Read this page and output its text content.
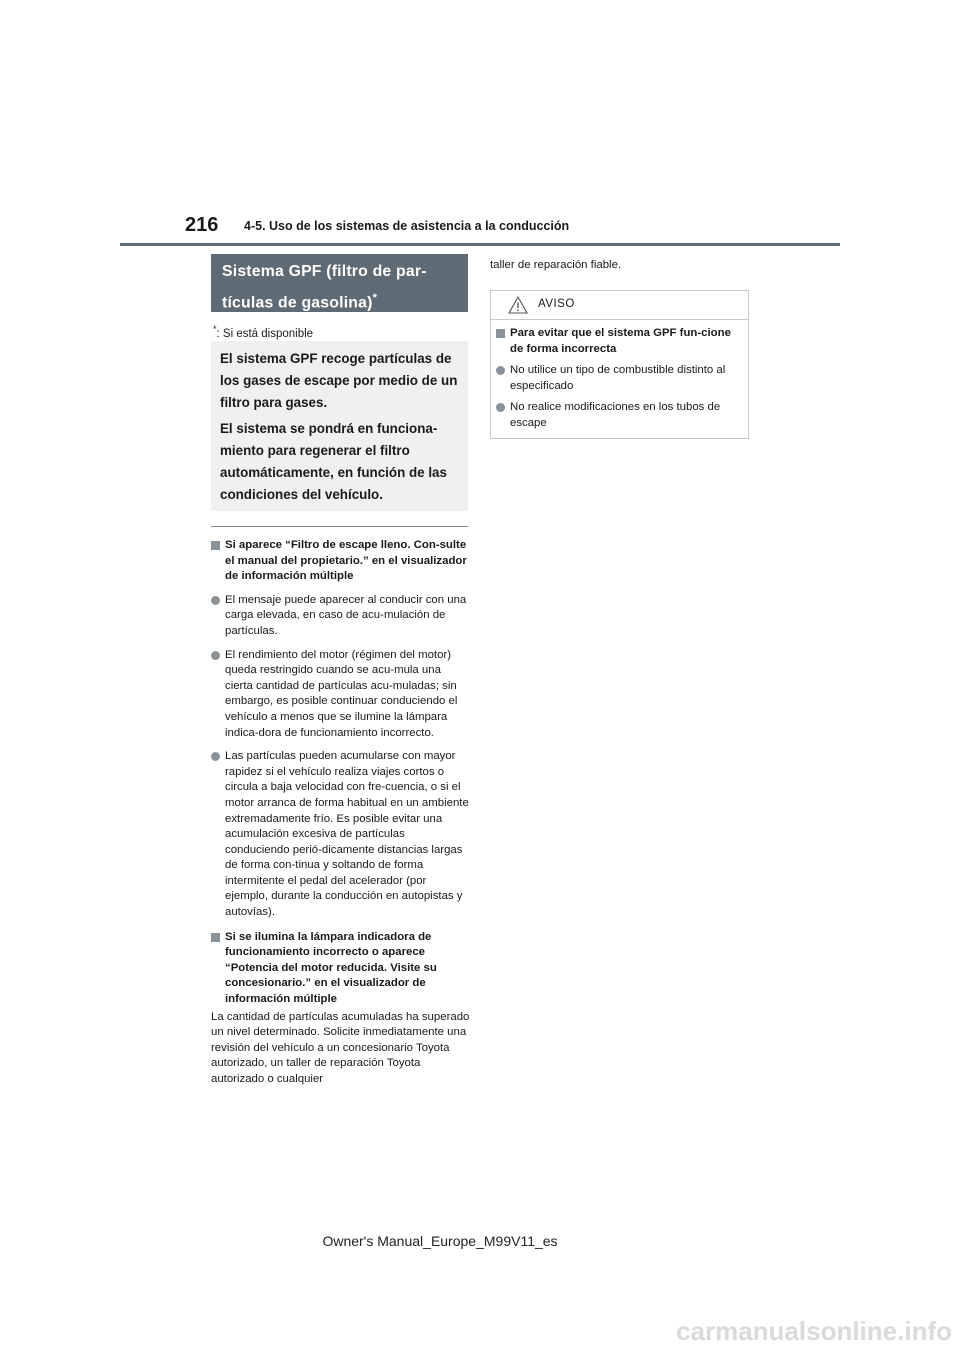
216 4-5. Uso de los sistemas de asistencia a la conducción
Sistema GPF (filtro de par-
tículas de gasolina)*
*: Si está disponible

El sistema GPF recoge partículas de los gases de escape por medio de un filtro para gases.

El sistema se pondrá en funciona-miento para regenerar el filtro automáticamente, en función de las condiciones del vehículo.

Si aparece “Filtro de escape lleno. Con-sulte el manual del propietario.” en el visualizador de información múltiple
El mensaje puede aparecer al conducir con una carga elevada, en caso de acu-mulación de partículas.
El rendimiento del motor (régimen del motor) queda restringido cuando se acu-mula una cierta cantidad de partículas acu-muladas; sin embargo, es posible continuar conduciendo el vehículo a menos que se ilumine la lámpara indica-dora de funcionamiento incorrecto.
Las partículas pueden acumularse con mayor rapidez si el vehículo realiza viajes cortos o circula a baja velocidad con fre-cuencia, o si el motor arranca de forma habitual en un ambiente extremadamente frío. Es posible evitar una acumulación excesiva de partículas conduciendo perió-dicamente distancias largas de forma con-tinua y soltando de forma intermitente el pedal del acelerador (por ejemplo, durante la conducción en autopistas y autovías).
Si se ilumina la lámpara indicadora de funcionamiento incorrecto o aparece “Potencia del motor reducida. Visite su concesionario.” en el visualizador de información múltiple
La cantidad de partículas acumuladas ha superado un nivel determinado. Solicite inmediatamente una revisión del vehículo a un concesionario Toyota autorizado, un taller de reparación Toyota autorizado o cualquier
taller de reparación fiable.
AVISO
Para evitar que el sistema GPF fun-cione de forma incorrecta
No utilice un tipo de combustible distinto al especificado
No realice modificaciones en los tubos de escape
Owner's Manual_Europe_M99V11_es
carmanualsonline.info
